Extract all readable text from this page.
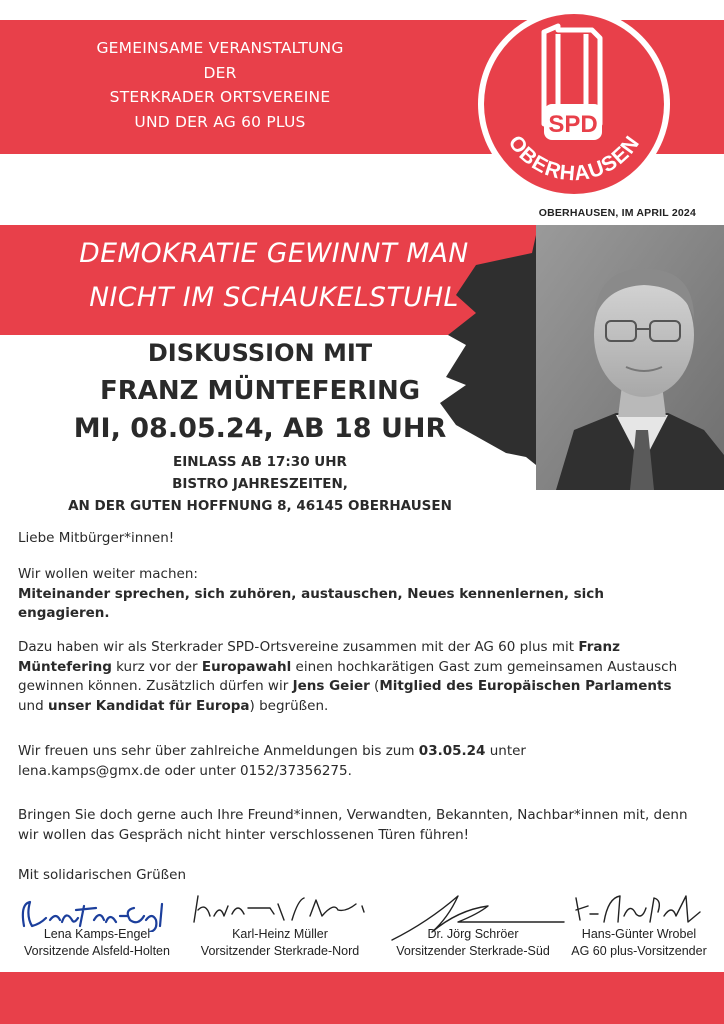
GEMEINSAME VERANSTALTUNG
DER
STERKRADER ORTSVEREINE
UND DER AG 60 PLUS	SPD
OBERHAUSEN
OBERHAUSEN, IM APRIL 2024
DEMOKRATIE GEWINNT MAN
NICHT IM SCHAUKELSTUHL
DISKUSSION MIT
FRANZ MÜNTEFERING
MI, 08.05.24, AB 18 UHR
EINLASS AB 17:30 UHR
BISTRO JAHRESZEITEN,
AN DER GUTEN HOFFNUNG 8, 46145 OBERHAUSEN
Liebe Mitbürger*innen!
Wir wollen weiter machen:
Miteinander sprechen, sich zuhören, austauschen, Neues kennenlernen, sich engagieren.
Dazu haben wir als Sterkrader SPD-Ortsvereine zusammen mit der AG 60 plus mit Franz Müntefering kurz vor der Europawahl einen hochkarätigen Gast zum gemeinsamen Austausch gewinnen können. Zusätzlich dürfen wir Jens Geier (Mitglied des Europäischen Parlaments und unser Kandidat für Europa) begrüßen.
Wir freuen uns sehr über zahlreiche Anmeldungen bis zum 03.05.24 unter lena.kamps@gmx.de oder unter 0152/37356275.
Bringen Sie doch gerne auch Ihre Freund*innen, Verwandten, Bekannten, Nachbar*innen mit, denn wir wollen das Gespräch nicht hinter verschlossenen Türen führen!
Mit solidarischen Grüßen
Lena Kamps-Engel
Vorsitzende Alsfeld-Holten
Karl-Heinz Müller
Vorsitzender Sterkrade-Nord
Dr. Jörg Schröer
Vorsitzender Sterkrade-Süd
Hans-Günter Wrobel
AG 60 plus-Vorsitzender
